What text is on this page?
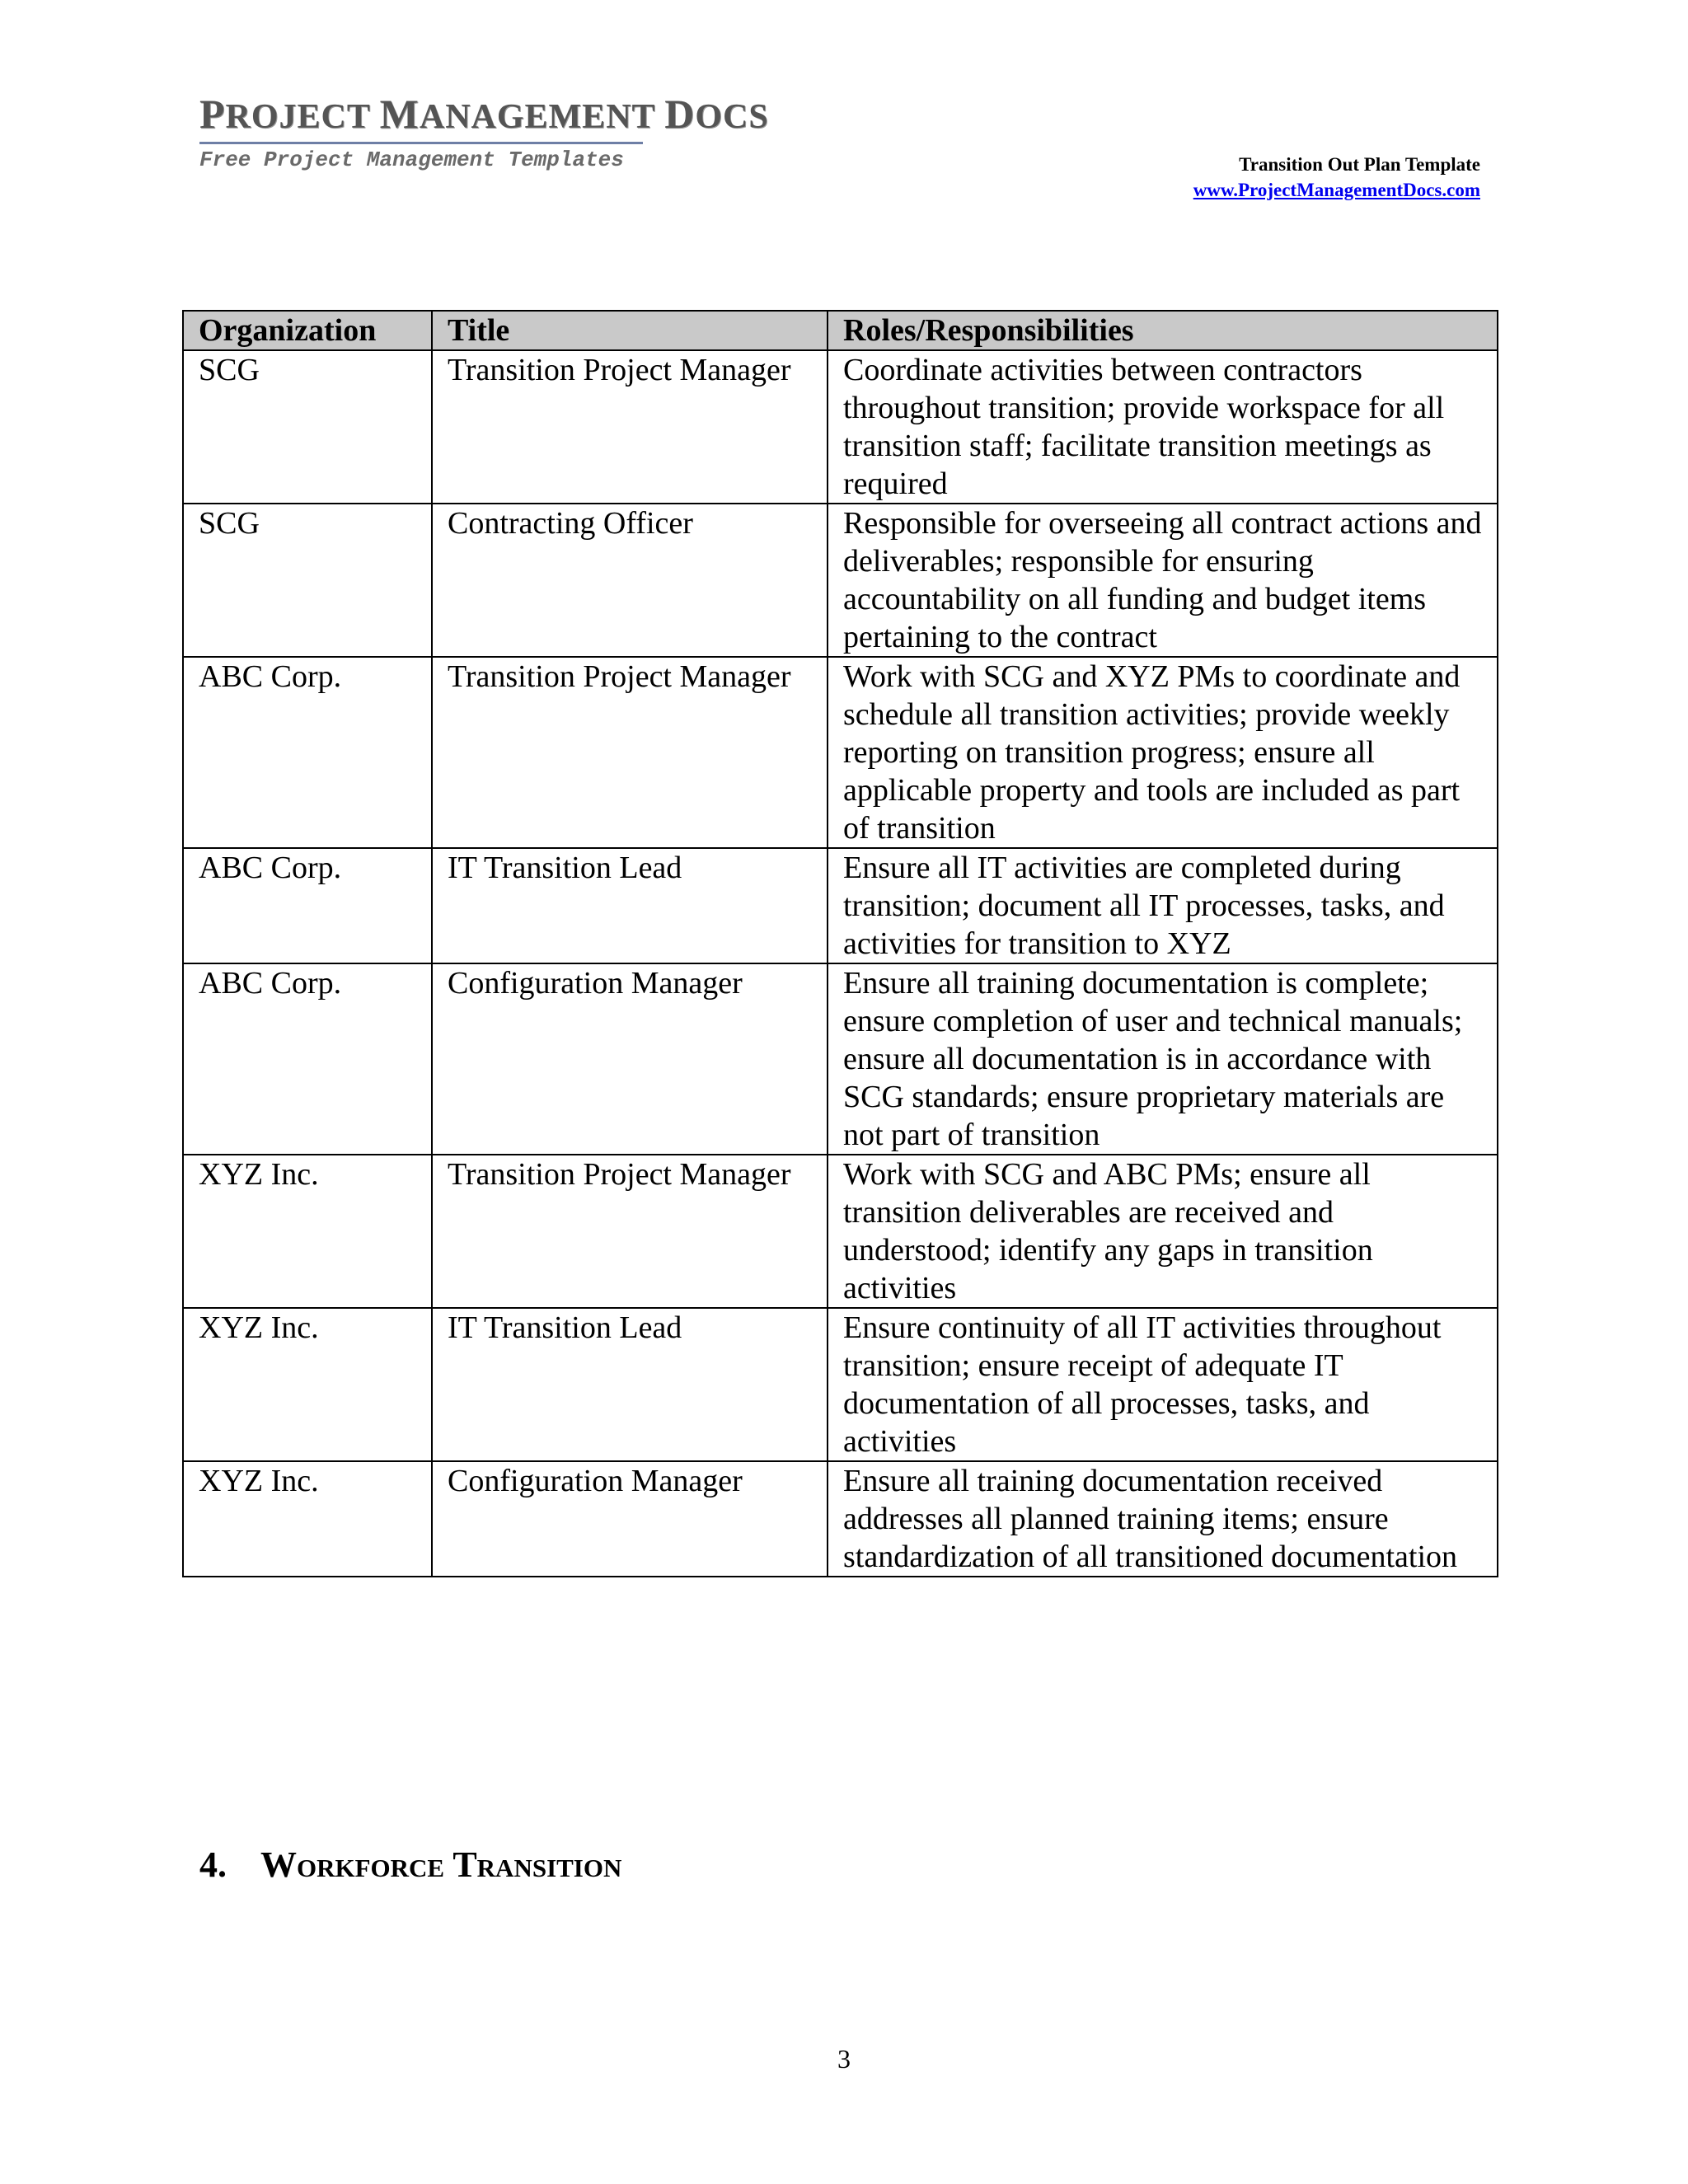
PROJECT MANAGEMENT DOCS
Free Project Management Templates	Transition Out Plan Template
www.ProjectManagementDocs.com
Organization	Title	Roles/Responsibilities
SCG	Transition Project Manager	Coordinate activities between contractors throughout transition; provide workspace for all transition staff; facilitate transition meetings as required
SCG	Contracting Officer	Responsible for overseeing all contract actions and deliverables; responsible for ensuring accountability on all funding and budget items pertaining to the contract
ABC Corp.	Transition Project Manager	Work with SCG and XYZ PMs to coordinate and schedule all transition activities; provide weekly reporting on transition progress; ensure all applicable property and tools are included as part of transition
ABC Corp.	IT Transition Lead	Ensure all IT activities are completed during transition; document all IT processes, tasks, and activities for transition to XYZ
ABC Corp.	Configuration Manager	Ensure all training documentation is complete; ensure completion of user and technical manuals; ensure all documentation is in accordance with SCG standards; ensure proprietary materials are not part of transition
XYZ Inc.	Transition Project Manager	Work with SCG and ABC PMs; ensure all transition deliverables are received and understood; identify any gaps in transition activities
XYZ Inc.	IT Transition Lead	Ensure continuity of all IT activities throughout transition; ensure receipt of adequate IT documentation of all processes, tasks, and activities
XYZ Inc.	Configuration Manager	Ensure all training documentation received addresses all planned training items; ensure standardization of all transitioned documentation
4. Workforce Transition
3
